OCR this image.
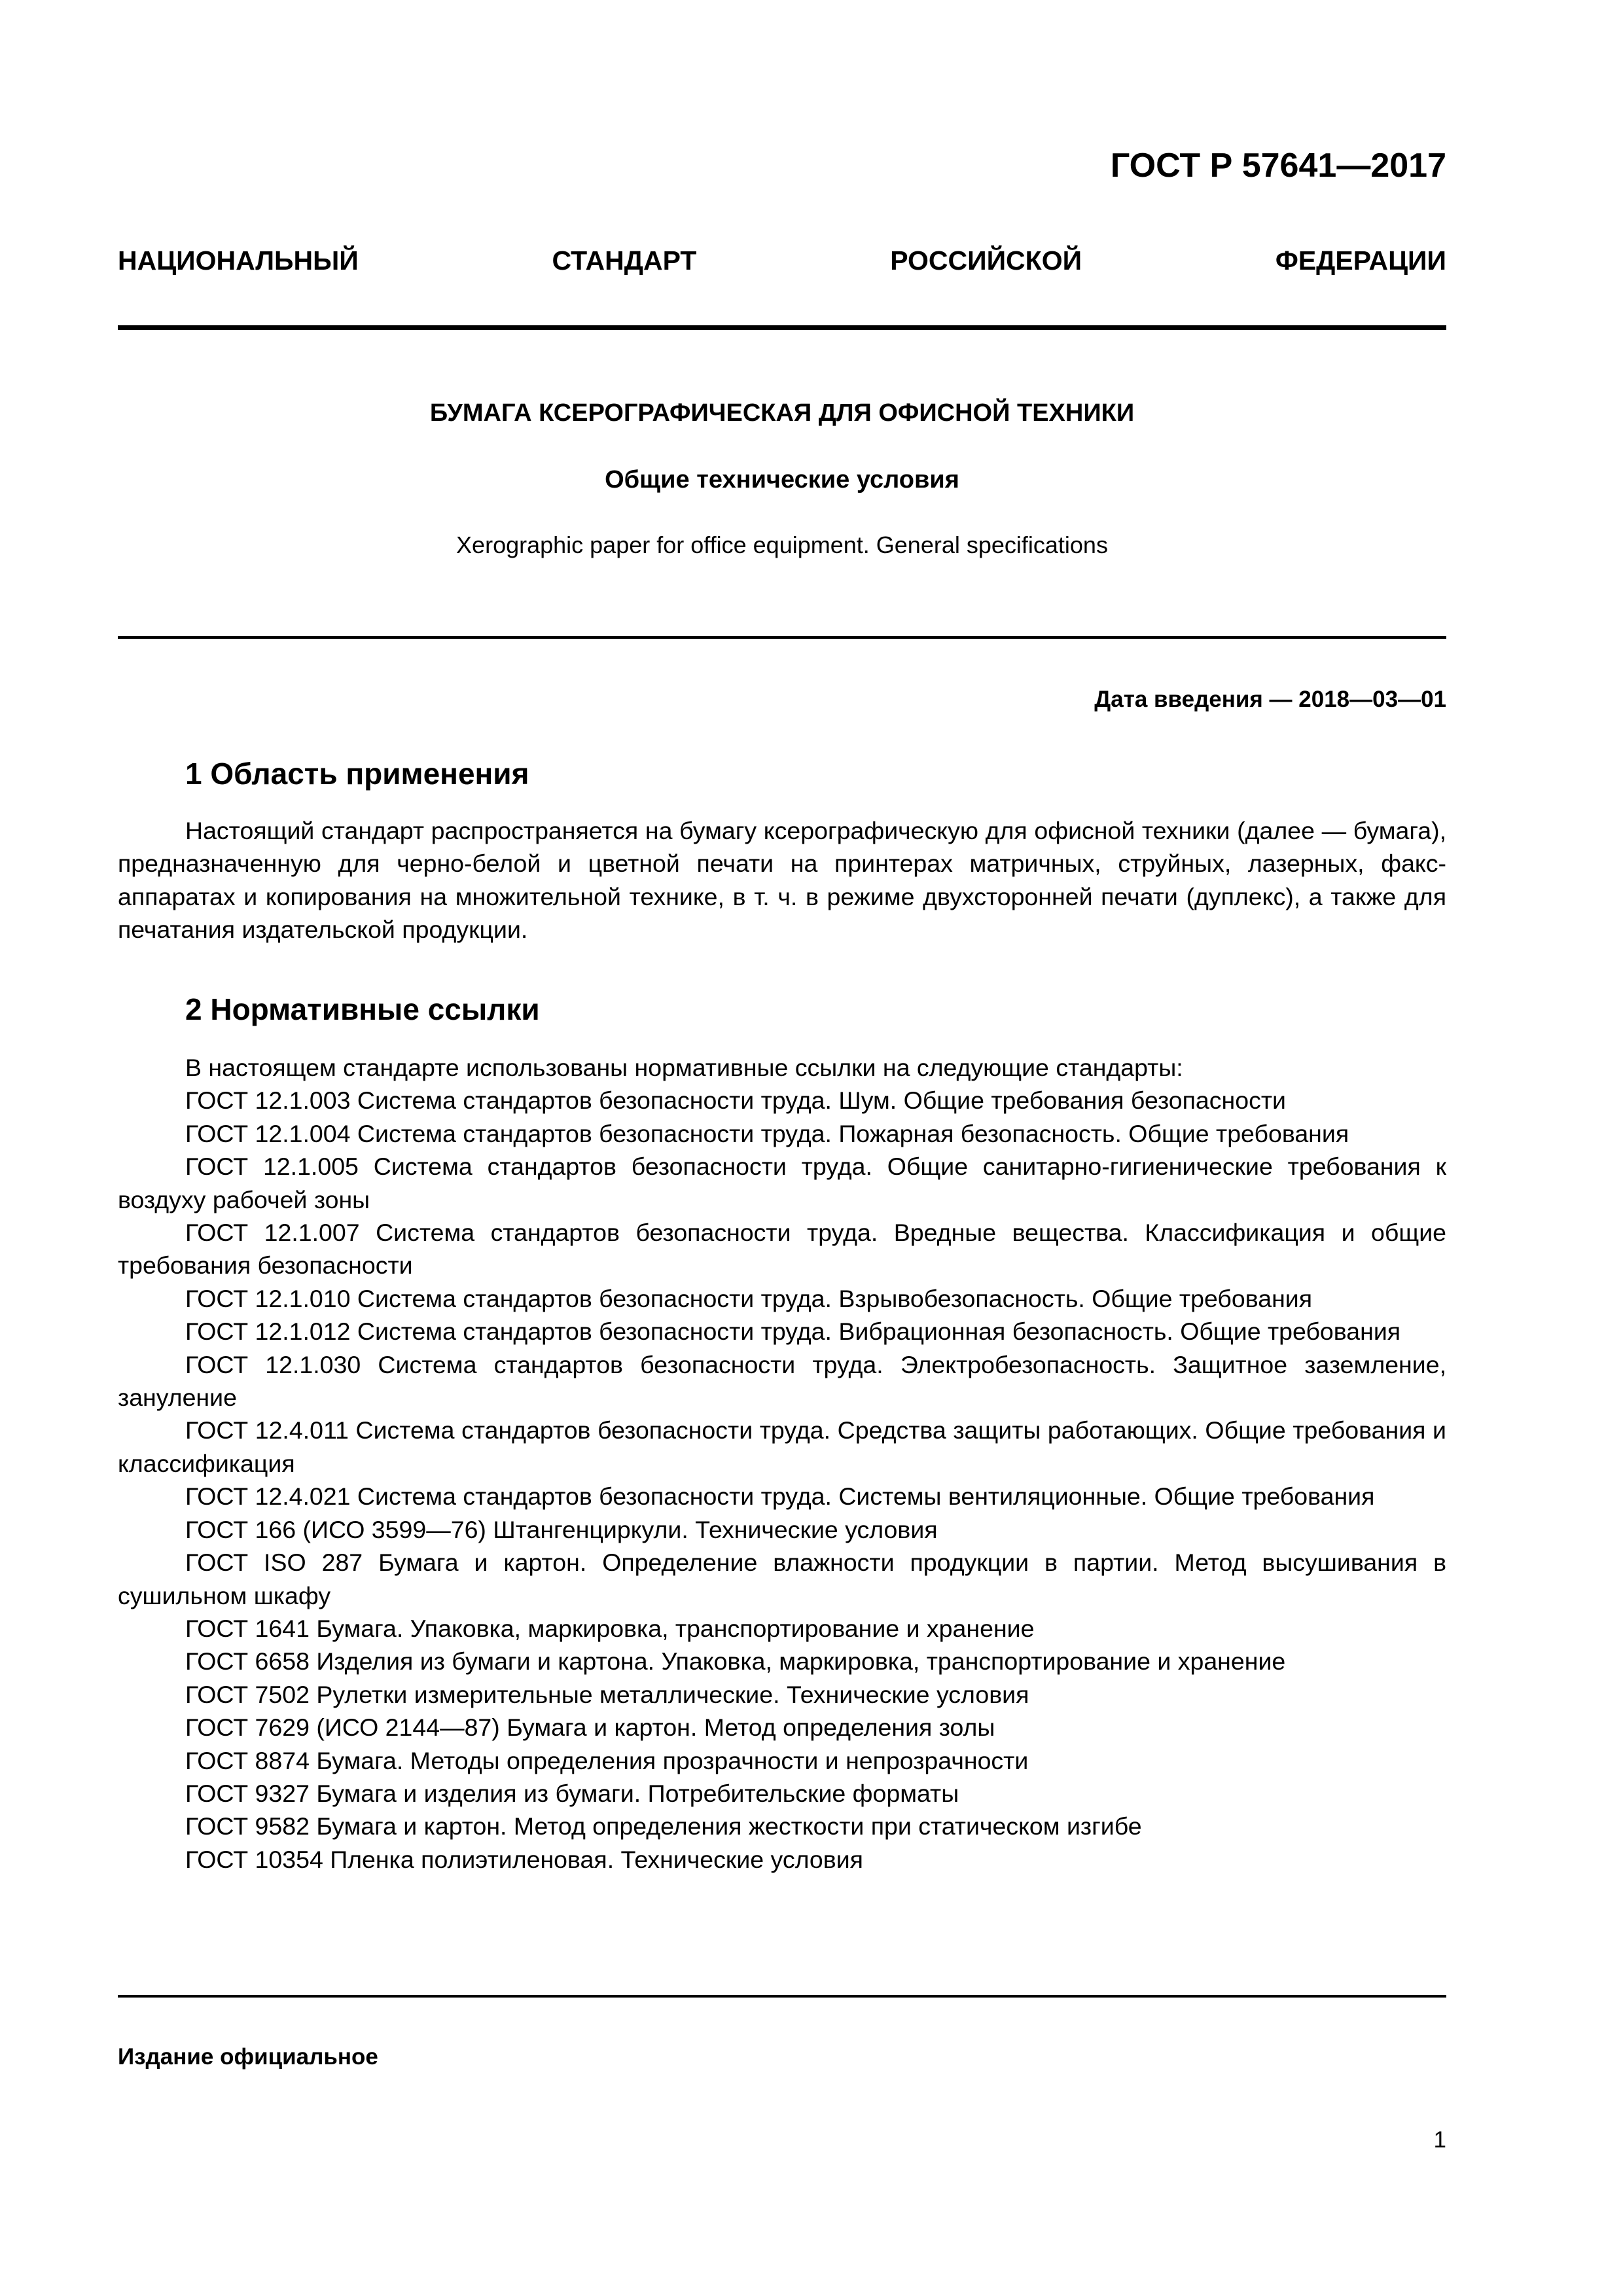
ГОСТ Р 57641—2017
НАЦИОНАЛЬНЫЙ	СТАНДАРТ	РОССИЙСКОЙ	ФЕДЕРАЦИИ
БУМАГА КСЕРОГРАФИЧЕСКАЯ ДЛЯ ОФИСНОЙ ТЕХНИКИ
Общие технические условия
Xerographic paper for office equipment. General specifications
Дата введения — 2018—03—01
1 Область применения
Настоящий стандарт распространяется на бумагу ксерографическую для офисной техники (далее — бумага), предназначенную для черно-белой и цветной печати на принтерах матричных, струйных, лазерных, факс-аппаратах и копирования на множительной технике, в т. ч. в режиме двухсторонней печати (дуплекс), а также для печатания издательской продукции.
2 Нормативные ссылки

В настоящем стандарте использованы нормативные ссылки на следующие стандарты:

ГОСТ 12.1.003 Система стандартов безопасности труда. Шум. Общие требования безопасности

ГОСТ 12.1.004 Система стандартов безопасности труда. Пожарная безопасность. Общие требования

ГОСТ 12.1.005 Система стандартов безопасности труда. Общие санитарно-гигиенические требования к воздуху рабочей зоны

ГОСТ 12.1.007 Система стандартов безопасности труда. Вредные вещества. Классификация и общие требования безопасности

ГОСТ 12.1.010 Система стандартов безопасности труда. Взрывобезопасность. Общие требования

ГОСТ 12.1.012 Система стандартов безопасности труда. Вибрационная безопасность. Общие требования

ГОСТ 12.1.030 Система стандартов безопасности труда. Электробезопасность. Защитное заземление, зануление

ГОСТ 12.4.011 Система стандартов безопасности труда. Средства защиты работающих. Общие требования и классификация

ГОСТ 12.4.021 Система стандартов безопасности труда. Системы вентиляционные. Общие требования

ГОСТ 166 (ИСО 3599—76) Штангенциркули. Технические условия

ГОСТ ISO 287 Бумага и картон. Определение влажности продукции в партии. Метод высушивания в сушильном шкафу

ГОСТ 1641 Бумага. Упаковка, маркировка, транспортирование и хранение

ГОСТ 6658 Изделия из бумаги и картона. Упаковка, маркировка, транспортирование и хранение

ГОСТ 7502 Рулетки измерительные металлические. Технические условия

ГОСТ 7629 (ИСО 2144—87) Бумага и картон. Метод определения золы

ГОСТ 8874 Бумага. Методы определения прозрачности и непрозрачности

ГОСТ 9327 Бумага и изделия из бумаги. Потребительские форматы

ГОСТ 9582 Бумага и картон. Метод определения жесткости при статическом изгибе

ГОСТ 10354 Пленка полиэтиленовая. Технические условия

Издание официальное
1
